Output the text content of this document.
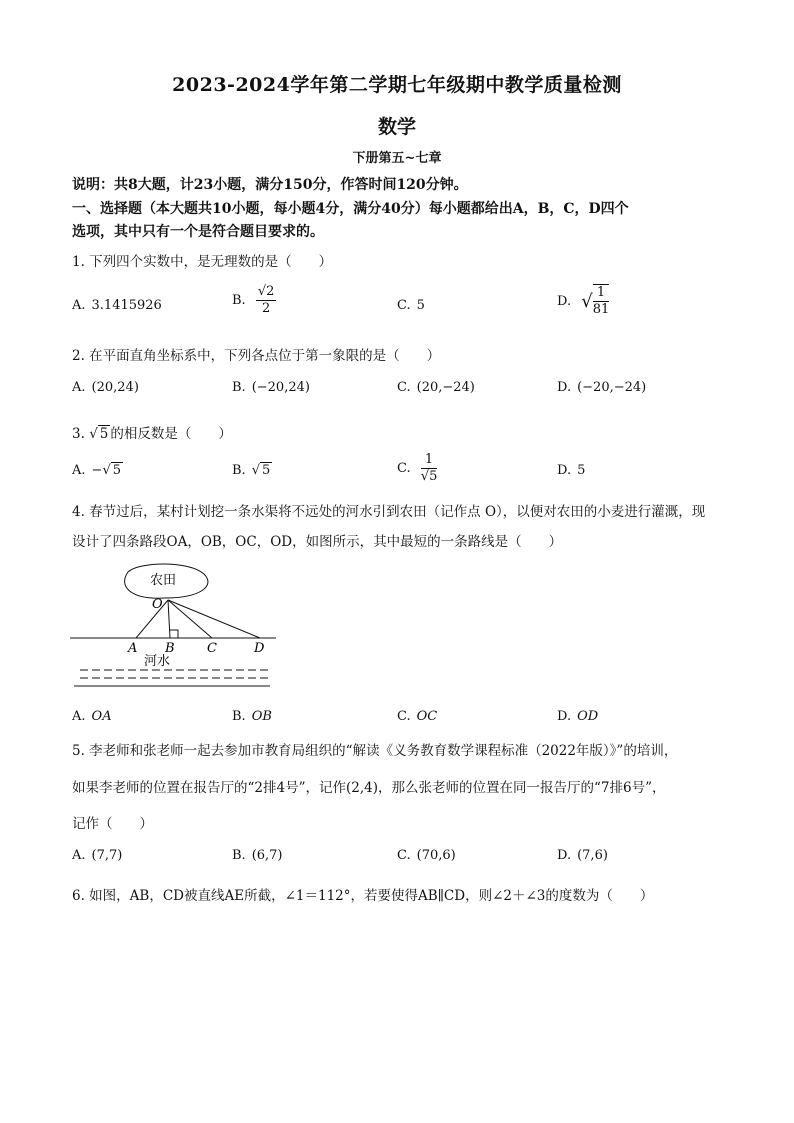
2023-2024学年第二学期七年级期中教学质量检测
数学
下册第五~七章
说明：共8大题，计23小题，满分150分，作答时间120分钟。
一、选择题（本大题共10小题，每小题4分，满分40分）每小题都给出A，B，C，D四个
选项，其中只有一个是符合题目要求的。
1. 下列四个实数中，是无理数的是（　　）
A. 3.1415926	B. $\frac{√2}{2}$	C. 5	D. √ $\frac{1}{81}$
2. 在平面直角坐标系中，下列各点位于第一象限的是（　　）
A. (20,24)	B. (−20,24)	C. (20,−24)	D. (−20,−24)
3. √ 5 的相反数是（　　）
A. −√ 5	B. √ 5	C. $\frac{1}{√5}$	D. 5
4. 春节过后，某村计划挖一条水渠将不远处的河水引到农田（记作点 O），以便对农田的小麦进行灌溉，现
设计了四条路段OA，OB，OC，OD，如图所示，其中最短的一条路线是（　　）
农田
O
A B C	D
河水
A. OA	B. OB	C. OC	D. OD
5. 李老师和张老师一起去参加市教育局组织的“解读《义务教育数学课程标准（2022年版）》”的培训，
如果李老师的位置在报告厅的“2排4号”，记作(2,4)，那么张老师的位置在同一报告厅的“7排6号”，
记作（　　）
A. (7,7)	B. (6,7)	C. (70,6)	D. (7,6)
6. 如图，AB，CD被直线AE所截，∠1＝112°，若要使得AB∥CD，则∠2＋∠3的度数为（　　）
